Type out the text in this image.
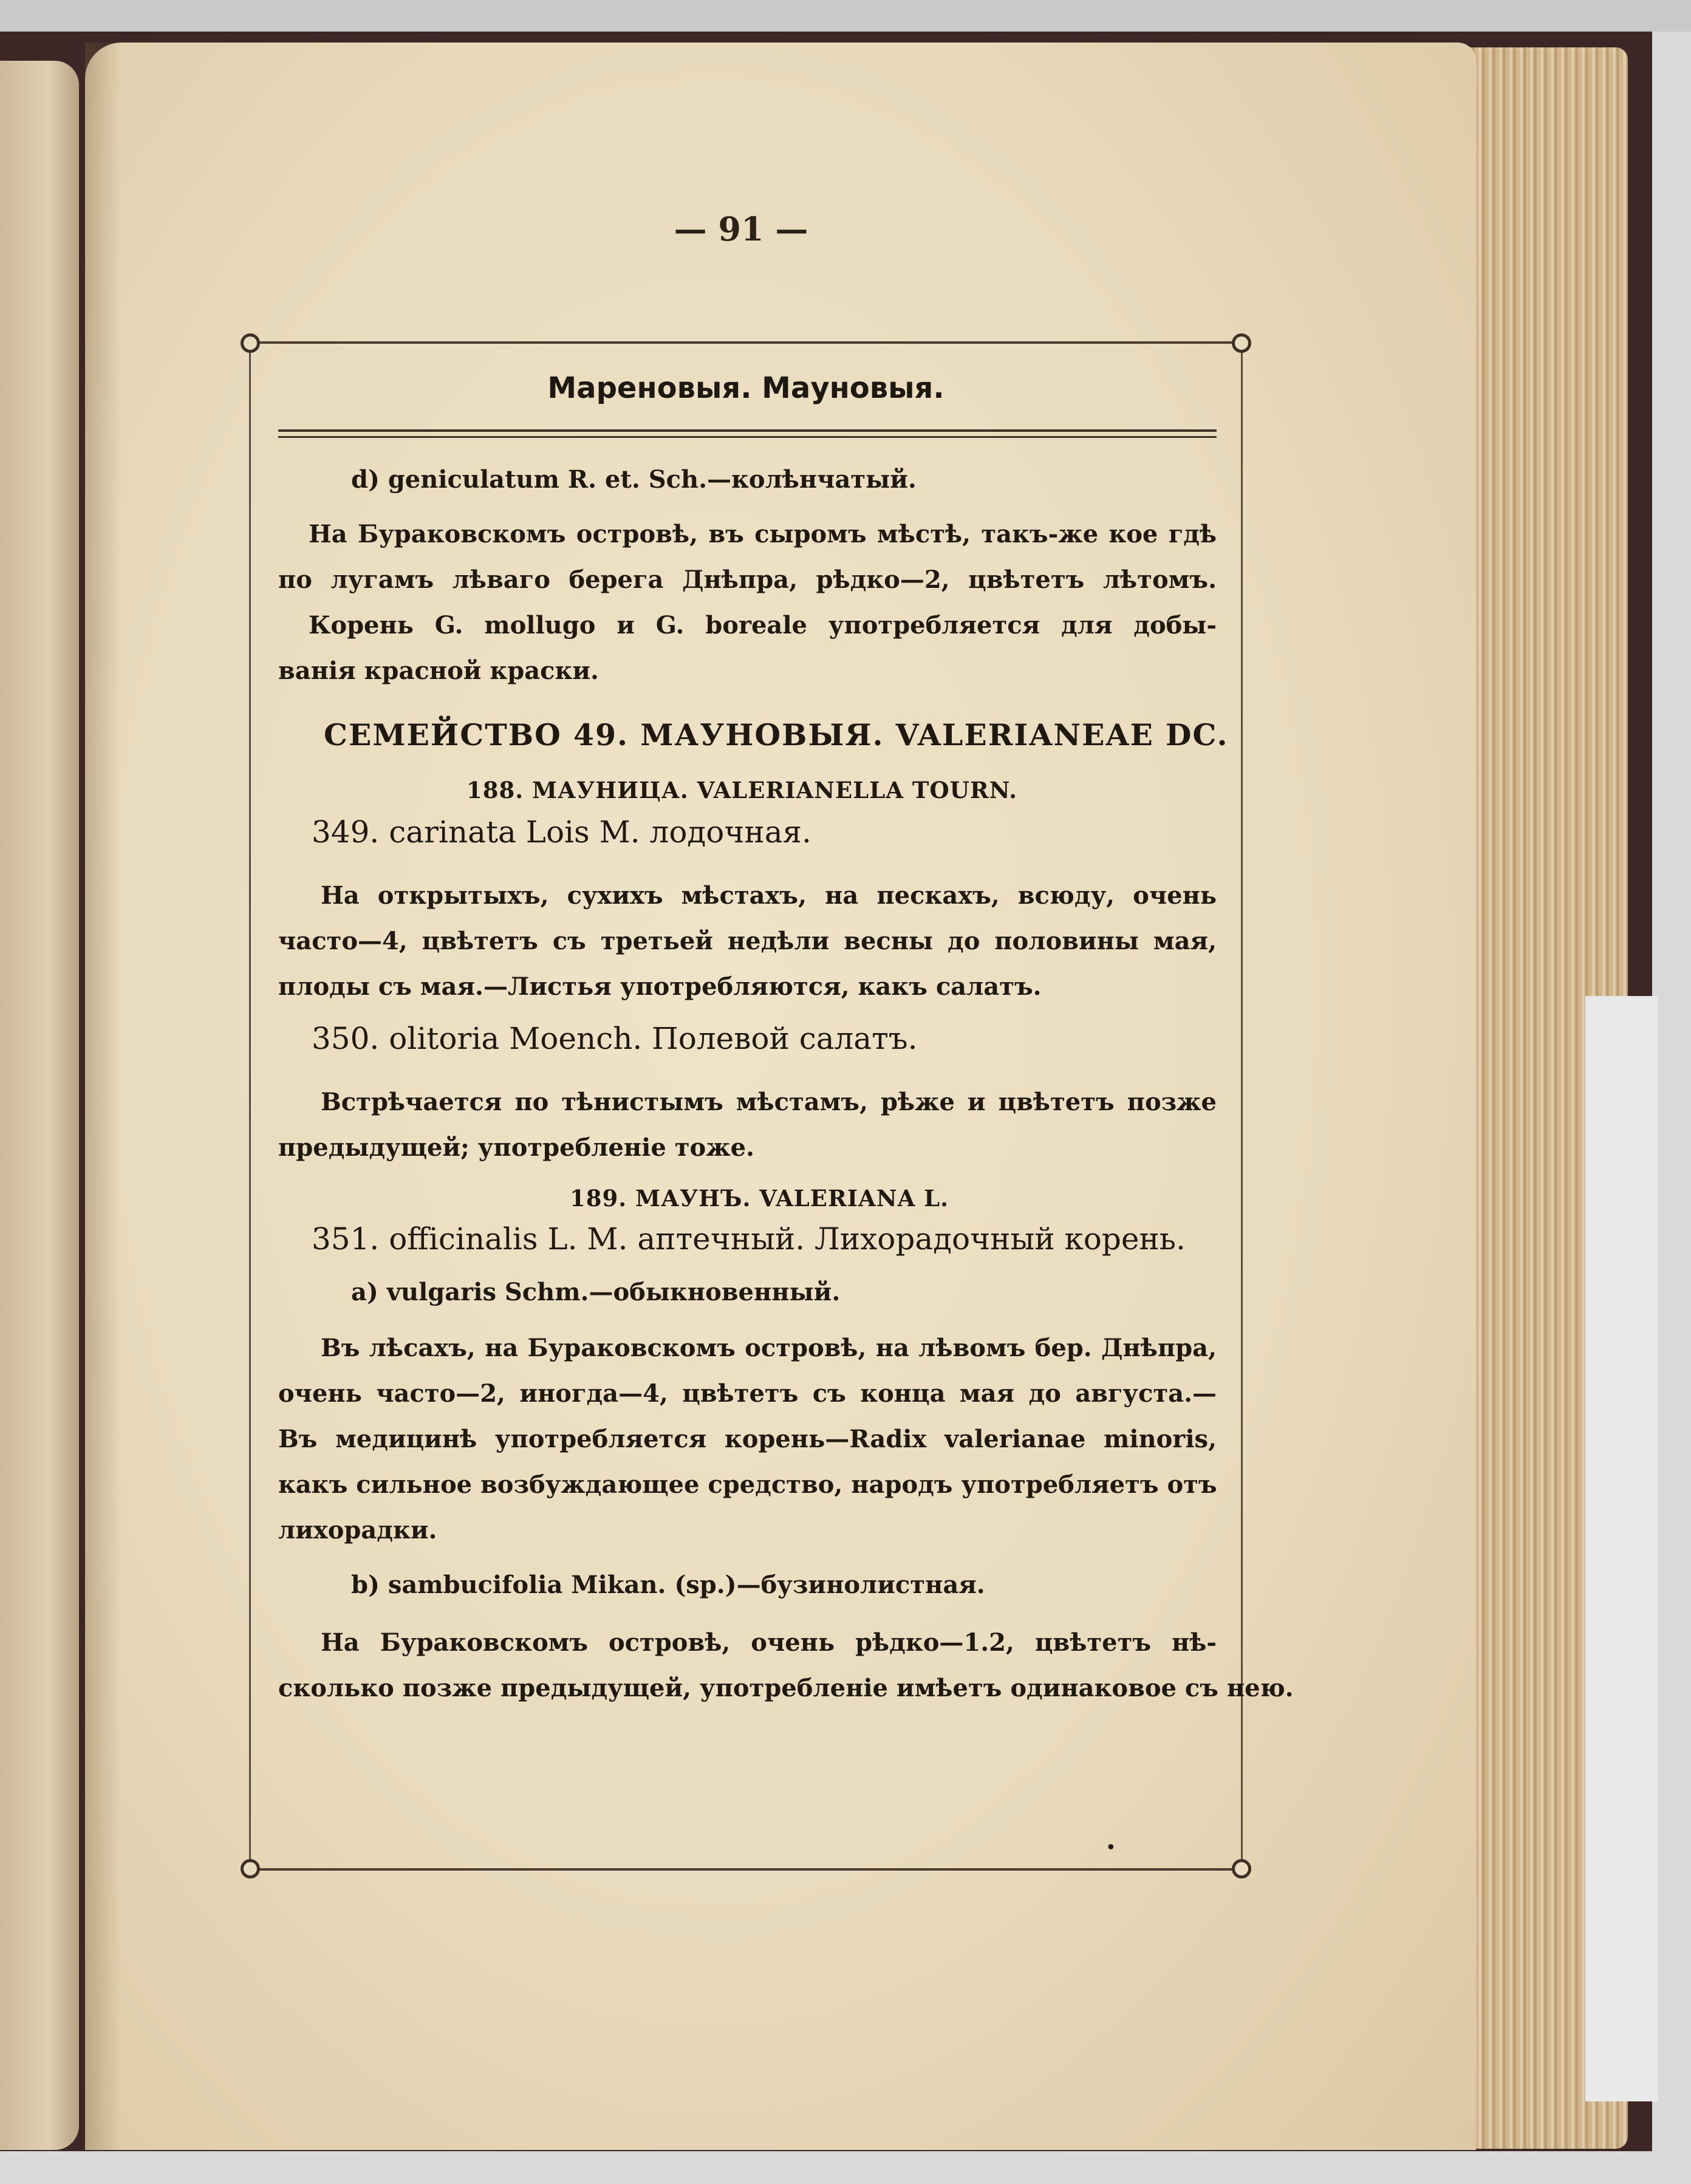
— 91 —
Мареновыя. Мауновыя.
d) geniculatum R. et. Sch.—колѣнчатый.
На Бураковскомъ островѣ, въ сыромъ мѣстѣ, такъ-же кое гдѣ
по лугамъ лѣваго берега Днѣпра, рѣдко—2, цвѣтетъ лѣтомъ.
Корень G. mollugo и G. boreale употребляется для добы-
ванія красной краски.
СЕМЕЙСТВО 49. МАУНОВЫЯ. VALERIANEAE DC.
188. МАУНИЦА. VALERIANELLA TOURN.
349. carinata Lois M. лодочная.
На открытыхъ, сухихъ мѣстахъ, на пескахъ, всюду, очень
часто—4, цвѣтетъ съ третьей недѣли весны до половины мая,
плоды съ мая.—Листья употребляются, какъ салатъ.
350. olitoria Moench. Полевой салатъ.
Встрѣчается по тѣнистымъ мѣстамъ, рѣже и цвѣтетъ позже
предыдущей; употребленіе тоже.
189. МАУНЪ. VALERIANA L.
351. officinalis L. M. аптечный. Лихорадочный корень.
a) vulgaris Schm.—обыкновенный.
Въ лѣсахъ, на Бураковскомъ островѣ, на лѣвомъ бер. Днѣпра,
очень часто—2, иногда—4, цвѣтетъ съ конца мая до августа.—
Въ медицинѣ употребляется корень—Radix valerianae minoris,
какъ сильное возбуждающее средство, народъ употребляетъ отъ
лихорадки.
b) sambucifolia Mikan. (sp.)—бузинолистная.
На Бураковскомъ островѣ, очень рѣдко—1.2, цвѣтетъ нѣ-
сколько позже предыдущей, употребленіе имѣетъ одинаковое съ нею.
•
